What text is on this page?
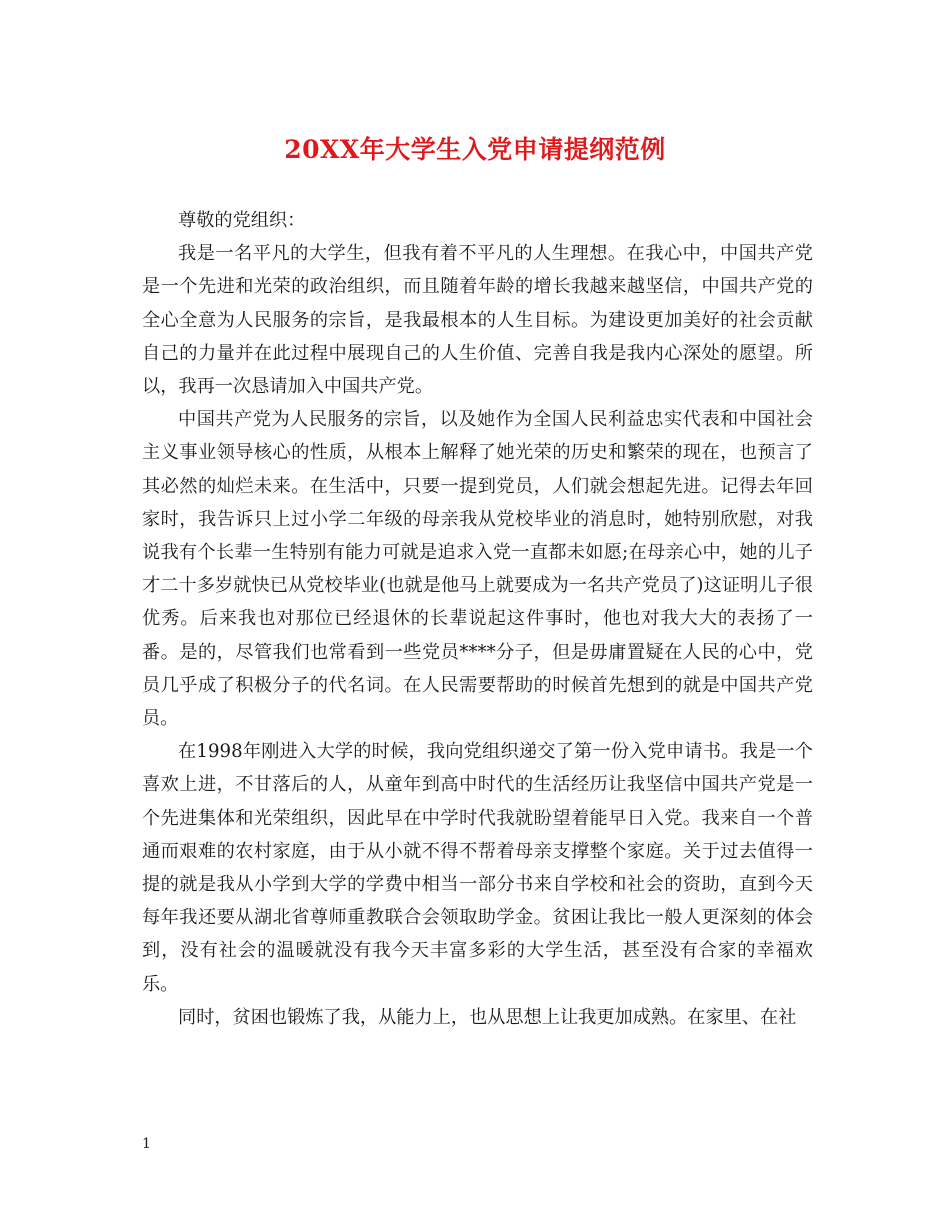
20XX年大学生入党申请提纲范例

尊敬的党组织：

我是一名平凡的大学生，但我有着不平凡的人生理想。在我心中，中国共产党是一个先进和光荣的政治组织，而且随着年龄的增长我越来越坚信，中国共产党的全心全意为人民服务的宗旨，是我最根本的人生目标。为建设更加美好的社会贡献自己的力量并在此过程中展现自己的人生价值、完善自我是我内心深处的愿望。所以，我再一次恳请加入中国共产党。

中国共产党为人民服务的宗旨，以及她作为全国人民利益忠实代表和中国社会主义事业领导核心的性质，从根本上解释了她光荣的历史和繁荣的现在，也预言了其必然的灿烂未来。在生活中，只要一提到党员，人们就会想起先进。记得去年回家时，我告诉只上过小学二年级的母亲我从党校毕业的消息时，她特别欣慰，对我说我有个长辈一生特别有能力可就是追求入党一直都未如愿;在母亲心中，她的儿子才二十多岁就快已从党校毕业(也就是他马上就要成为一名共产党员了)这证明儿子很优秀。后来我也对那位已经退休的长辈说起这件事时，他也对我大大的表扬了一番。是的，尽管我们也常看到一些党员****分子，但是毋庸置疑在人民的心中，党员几乎成了积极分子的代名词。在人民需要帮助的时候首先想到的就是中国共产党员。

在1998年刚进入大学的时候，我向党组织递交了第一份入党申请书。我是一个喜欢上进，不甘落后的人，从童年到高中时代的生活经历让我坚信中国共产党是一个先进集体和光荣组织，因此早在中学时代我就盼望着能早日入党。我来自一个普通而艰难的农村家庭，由于从小就不得不帮着母亲支撑整个家庭。关于过去值得一提的就是我从小学到大学的学费中相当一部分书来自学校和社会的资助，直到今天每年我还要从湖北省尊师重教联合会领取助学金。贫困让我比一般人更深刻的体会到，没有社会的温暖就没有我今天丰富多彩的大学生活，甚至没有合家的幸福欢乐。

同时，贫困也锻炼了我，从能力上，也从思想上让我更加成熟。在家里、在社

1
